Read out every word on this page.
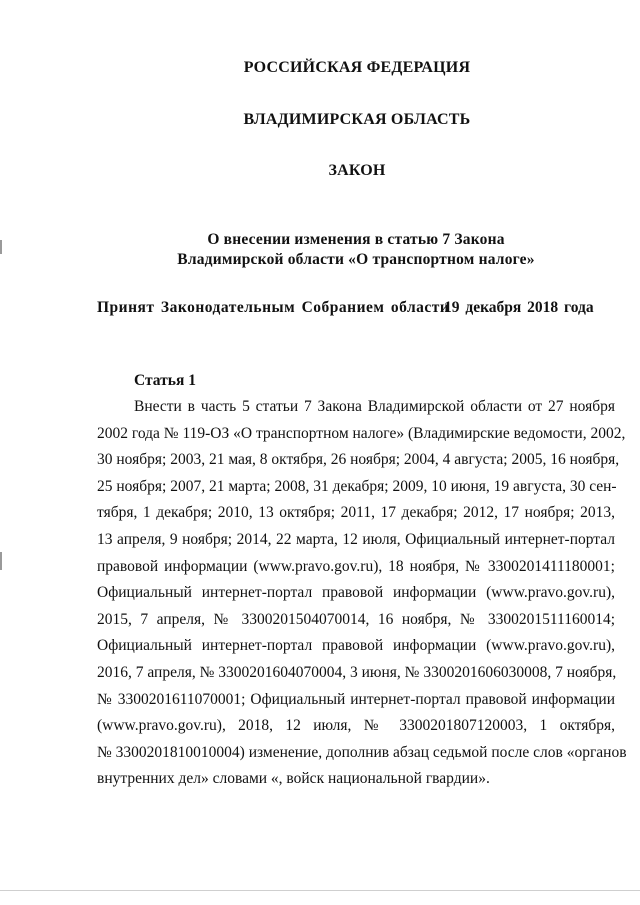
РОССИЙСКАЯ ФЕДЕРАЦИЯ
ВЛАДИМИРСКАЯ ОБЛАСТЬ
ЗАКОН
О внесении изменения в статью 7 Закона
Владимирской области «О транспортном налоге»
Принят Законодательным Собранием области
19 декабря 2018 года
Статья 1
Внести в часть 5 статьи 7 Закона Владимирской области от 27 ноября
2002 года № 119-ОЗ «О транспортном налоге» (Владимирские ведомости, 2002,
30 ноября; 2003, 21 мая, 8 октября, 26 ноября; 2004, 4 августа; 2005, 16 ноября,
25 ноября; 2007, 21 марта; 2008, 31 декабря; 2009, 10 июня, 19 августа, 30 сен-
тября, 1 декабря; 2010, 13 октября; 2011, 17 декабря; 2012, 17 ноября; 2013,
13 апреля, 9 ноября; 2014, 22 марта, 12 июля, Официальный интернет-портал
правовой информации (www.pravo.gov.ru), 18 ноября, № 3300201411180001;
Официальный интернет-портал правовой информации (www.pravo.gov.ru),
2015, 7 апреля, № 3300201504070014, 16 ноября, № 3300201511160014;
Официальный интернет-портал правовой информации (www.pravo.gov.ru),
2016, 7 апреля, № 3300201604070004, 3 июня, № 3300201606030008, 7 ноября,
№ 3300201611070001; Официальный интернет-портал правовой информации
(www.pravo.gov.ru), 2018, 12 июля, № 3300201807120003, 1 октября,
№ 3300201810010004) изменение, дополнив абзац седьмой после слов «органов
внутренних дел» словами «, войск национальной гвардии».
